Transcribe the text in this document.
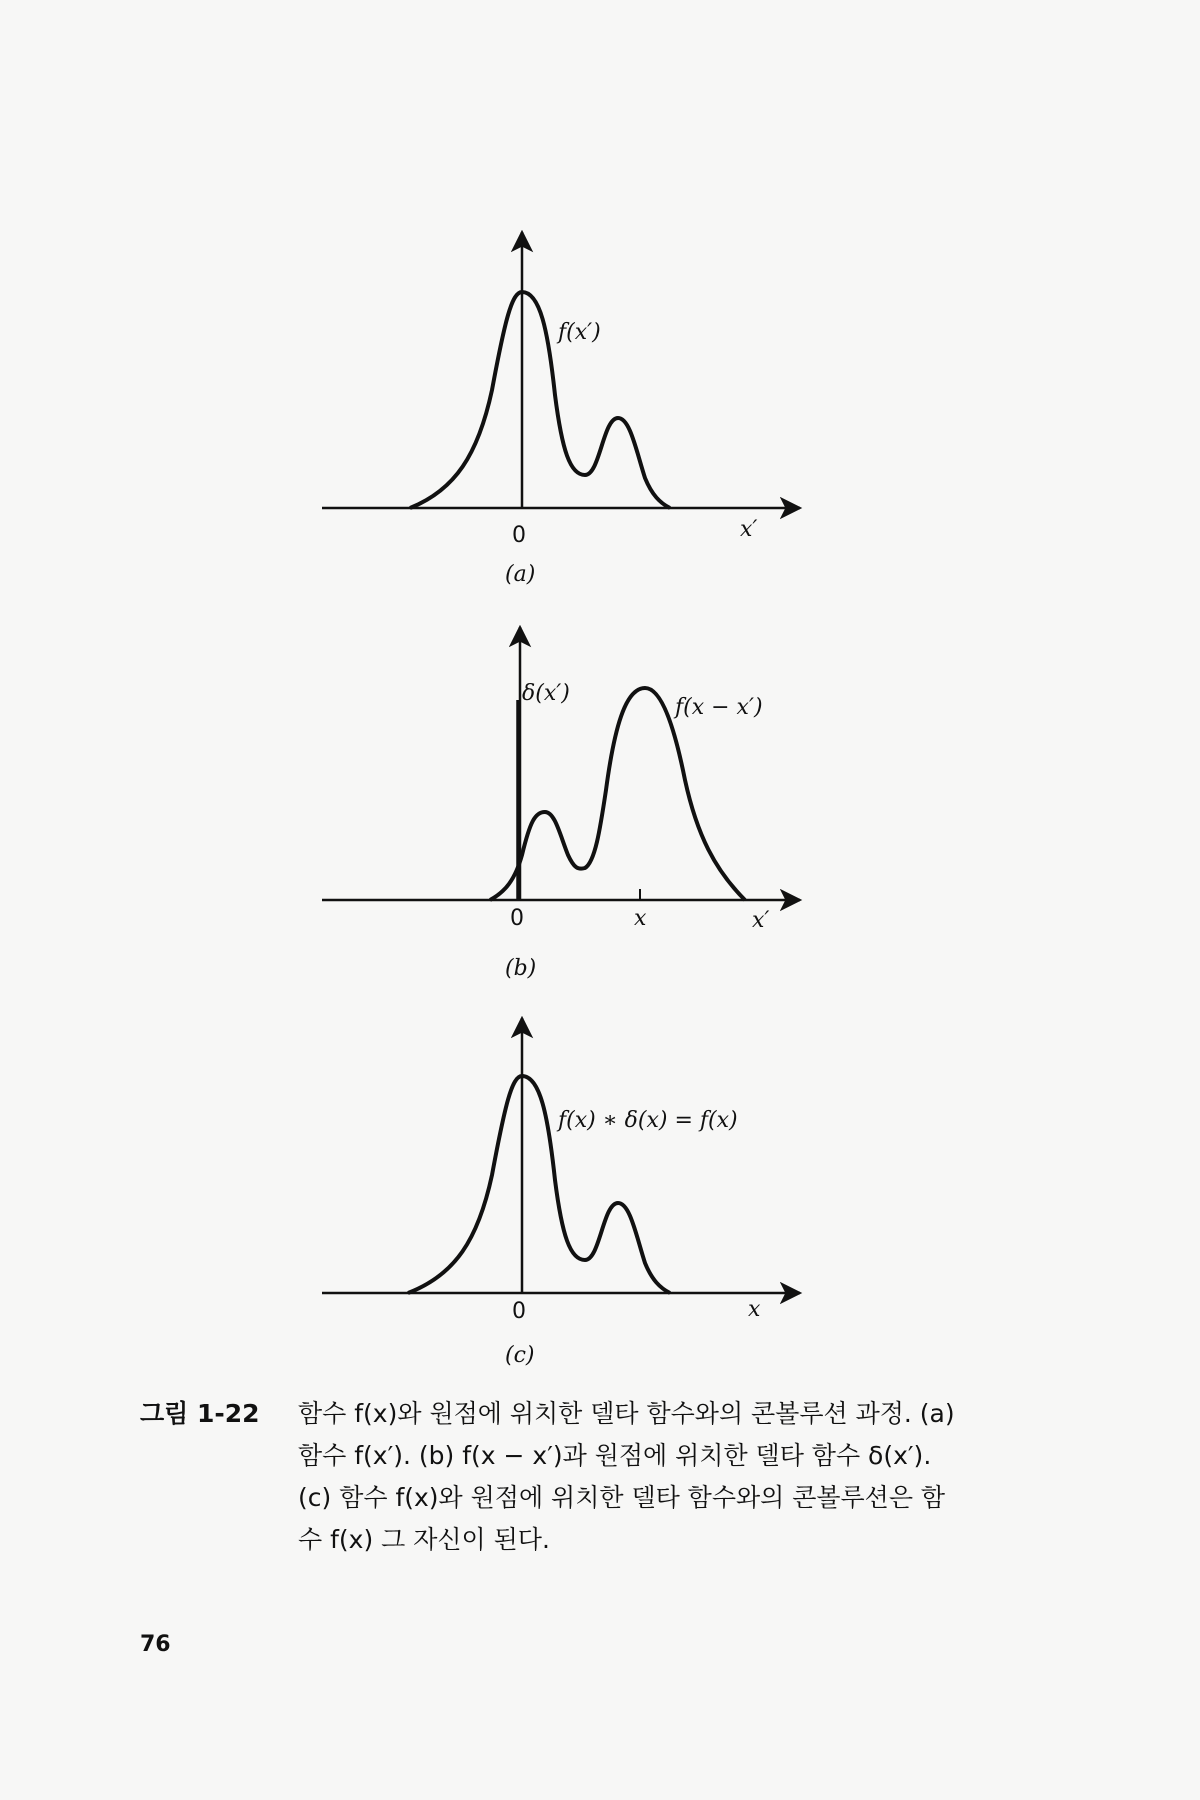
f(x′)
0	x′
(a)
δ(x′)
f(x − x′)
0	x	x′
(b)
f(x) ∗ δ(x) = f(x)
0	x
(c)
그림 1-22	함수 f(x)와 원점에 위치한 델타 함수와의 콘볼루션 과정. (a)
함수 f(x′). (b) f(x − x′)과 원점에 위치한 델타 함수 δ(x′).
(c) 함수 f(x)와 원점에 위치한 델타 함수와의 콘볼루션은 함
수 f(x) 그 자신이 된다.
76
